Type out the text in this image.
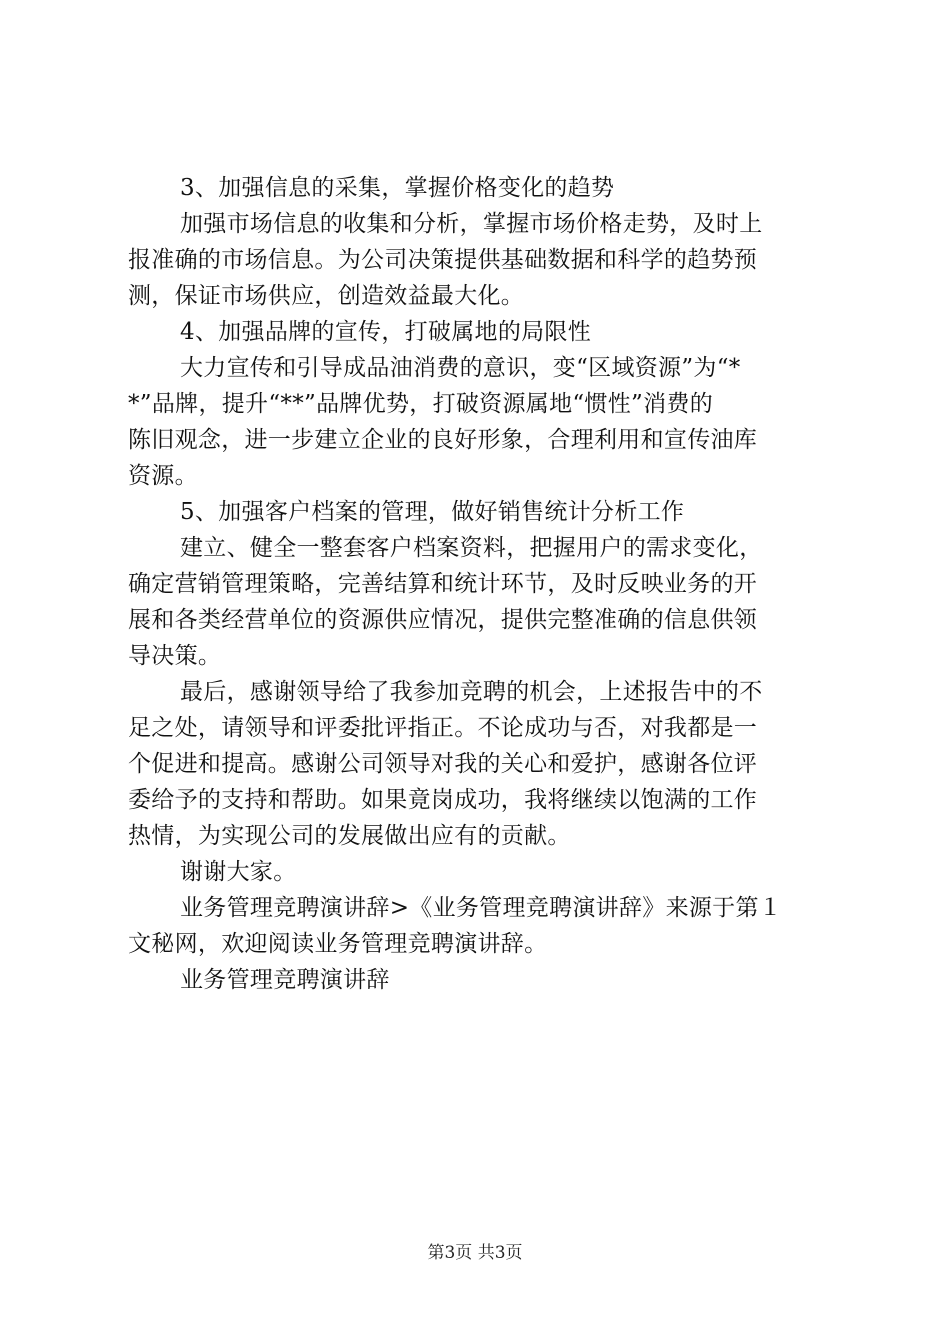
3、加强信息的采集，掌握价格变化的趋势
加强市场信息的收集和分析，掌握市场价格走势，及时上
报准确的市场信息。为公司决策提供基础数据和科学的趋势预
测，保证市场供应，创造效益最大化。
4、加强品牌的宣传，打破属地的局限性
大力宣传和引导成品油消费的意识，变“区域资源”为“*
*”品牌，提升“**”品牌优势，打破资源属地“惯性”消费的
陈旧观念，进一步建立企业的良好形象，合理利用和宣传油库
资源。
5、加强客户档案的管理，做好销售统计分析工作
建立、健全一整套客户档案资料，把握用户的需求变化，
确定营销管理策略，完善结算和统计环节，及时反映业务的开
展和各类经营单位的资源供应情况，提供完整准确的信息供领
导决策。
最后，感谢领导给了我参加竞聘的机会，上述报告中的不
足之处，请领导和评委批评指正。不论成功与否，对我都是一
个促进和提高。感谢公司领导对我的关心和爱护，感谢各位评
委给予的支持和帮助。如果竟岗成功，我将继续以饱满的工作
热情，为实现公司的发展做出应有的贡献。
谢谢大家。
业务管理竞聘演讲辞>《业务管理竞聘演讲辞》来源于第１
文秘网，欢迎阅读业务管理竞聘演讲辞。
业务管理竞聘演讲辞
第3页 共3页
